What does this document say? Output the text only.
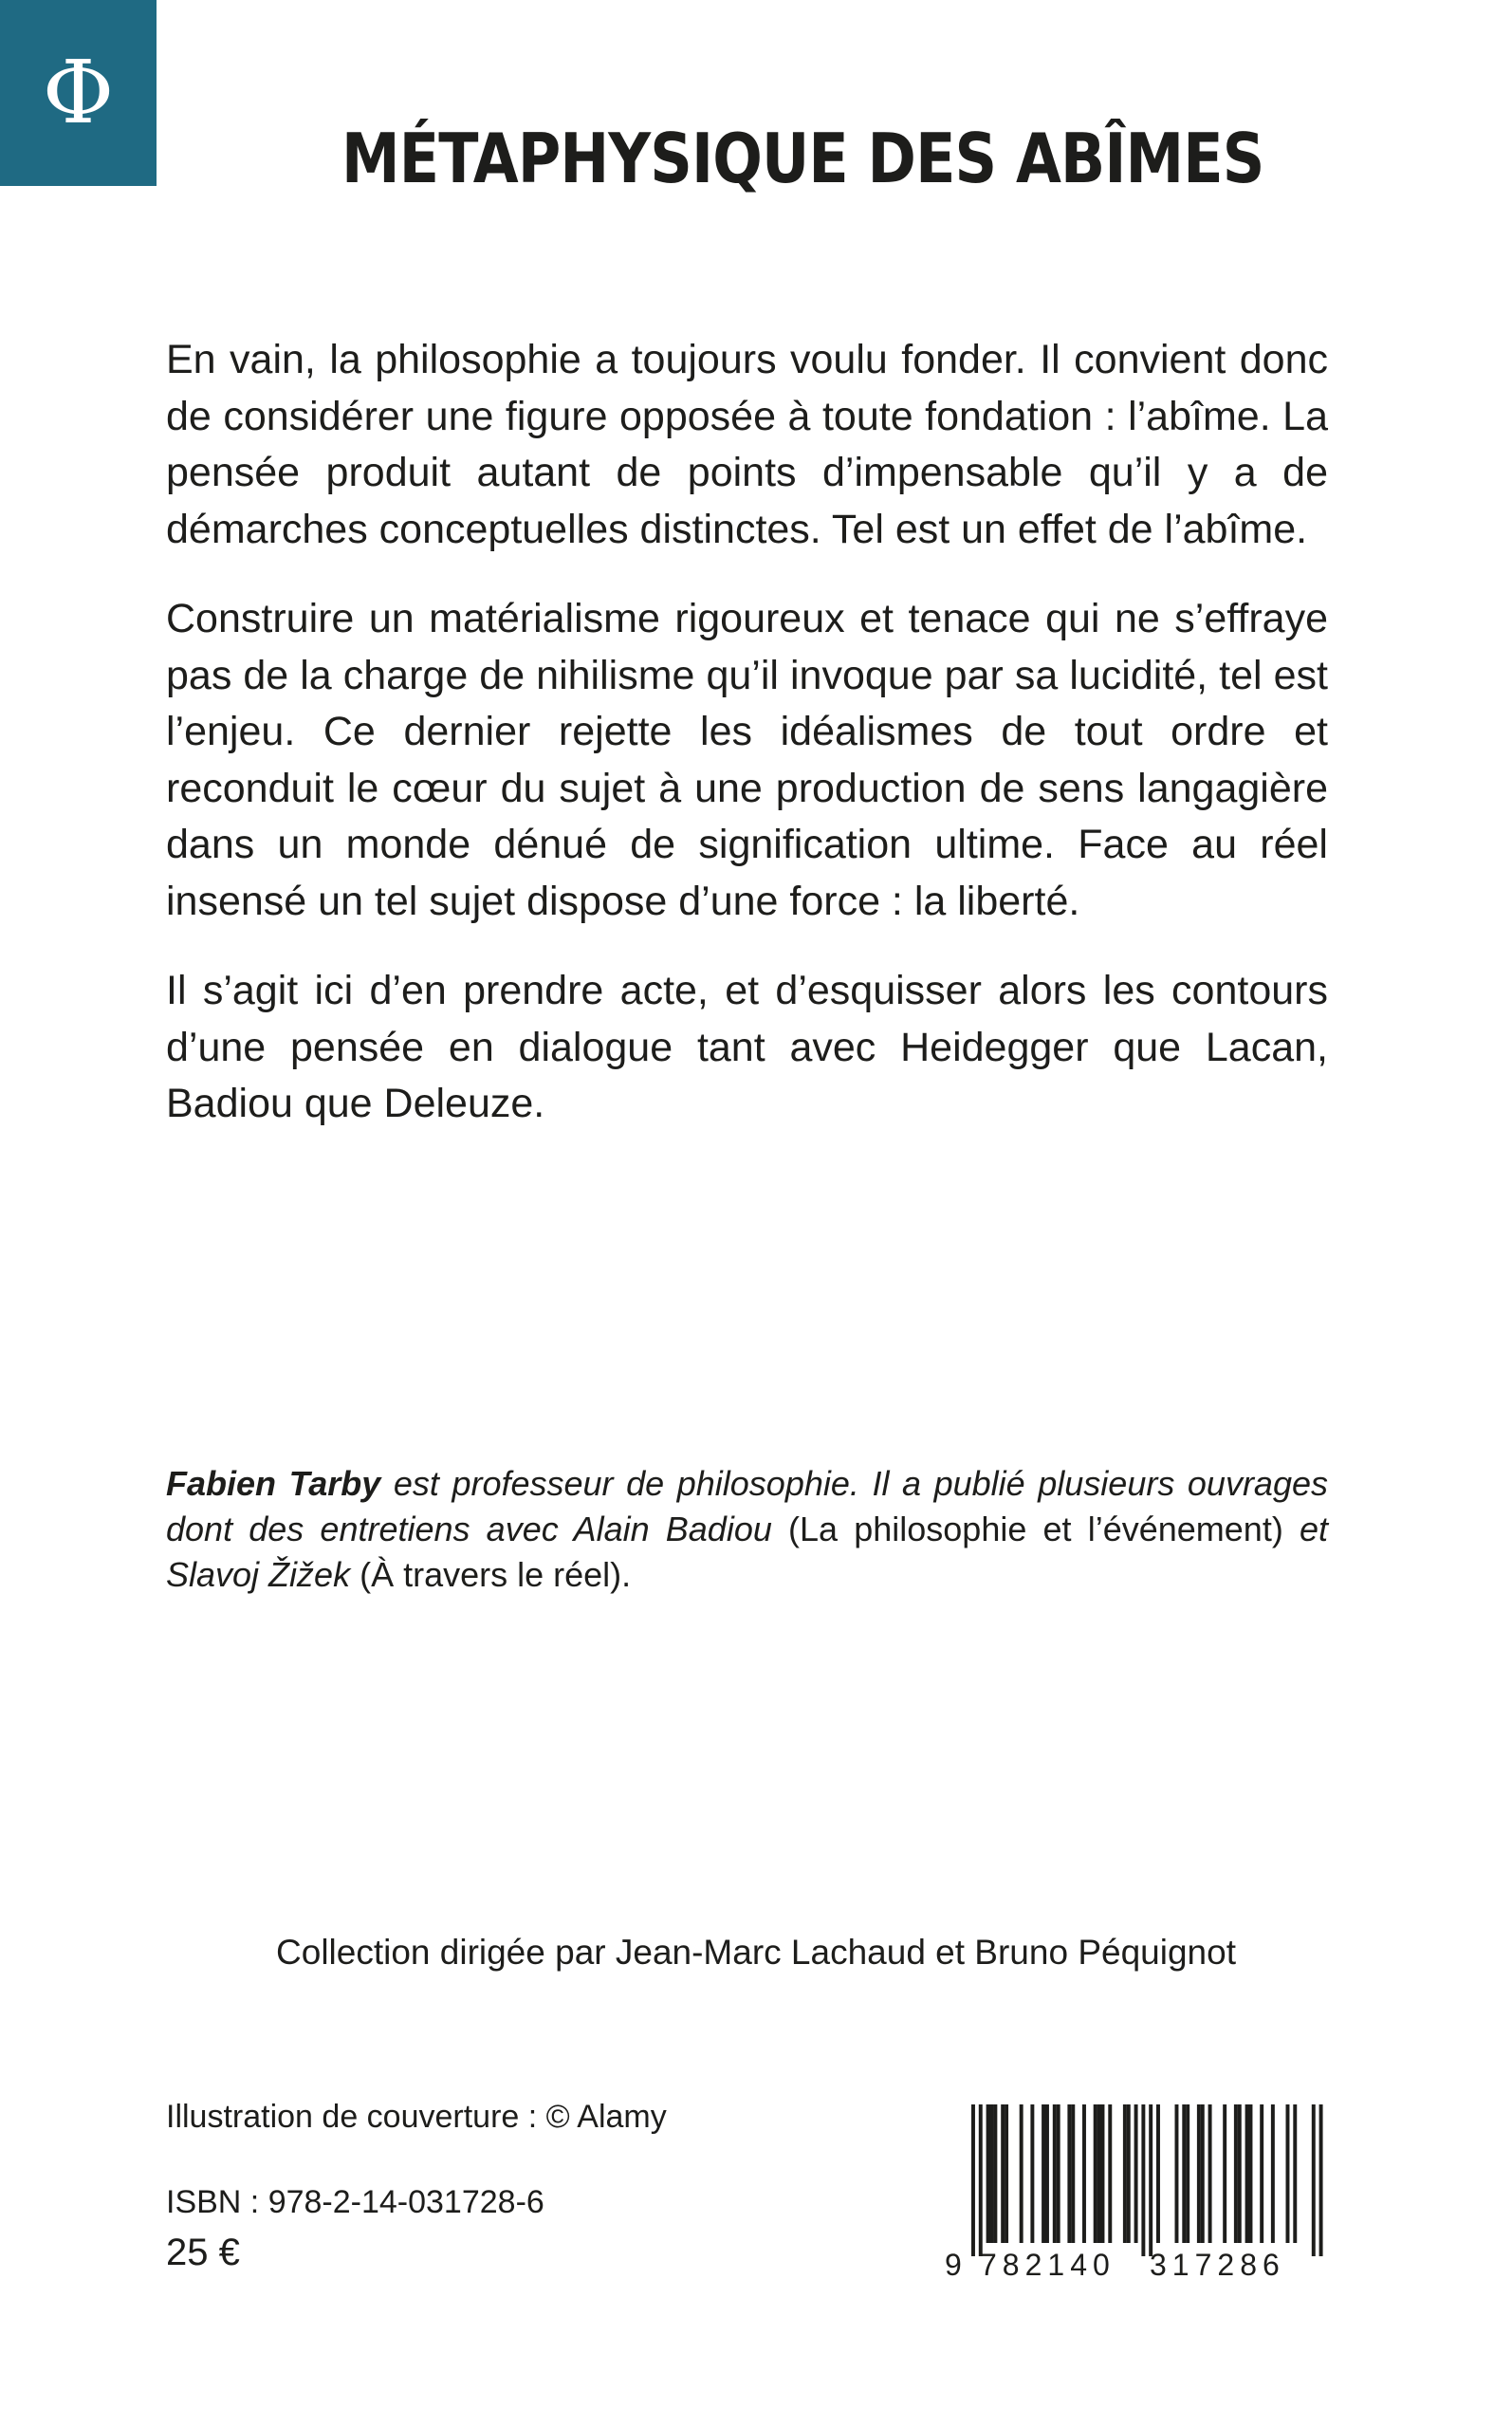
Φ
MÉTAPHYSIQUE DES ABÎMES

En vain, la philosophie a toujours voulu fonder. Il convient donc de considérer une figure opposée à toute fondation : l’abîme. La pensée produit autant de points d’impensable qu’il y a de démarches conceptuelles distinctes. Tel est un effet de l’abîme.

Construire un matérialisme rigoureux et tenace qui ne s’effraye pas de la charge de nihilisme qu’il invoque par sa lucidité, tel est l’enjeu. Ce dernier rejette les idéalismes de tout ordre et reconduit le cœur du sujet à une production de sens langagière dans un monde dénué de signification ultime. Face au réel insensé un tel sujet dispose d’une force : la liberté.

Il s’agit ici d’en prendre acte, et d’esquisser alors les contours d’une pensée en dialogue tant avec Heidegger que Lacan, Badiou que Deleuze.

Fabien Tarby est professeur de philosophie. Il a publié plusieurs ouvrages dont des entretiens avec Alain Badiou (La philosophie et l’événement) et Slavoj Žižek (À travers le réel).
Collection dirigée par Jean-Marc Lachaud et Bruno Péquignot
Illustration de couverture : © Alamy
ISBN : 978-2-14-031728-6
25 €	9 782140 317286
